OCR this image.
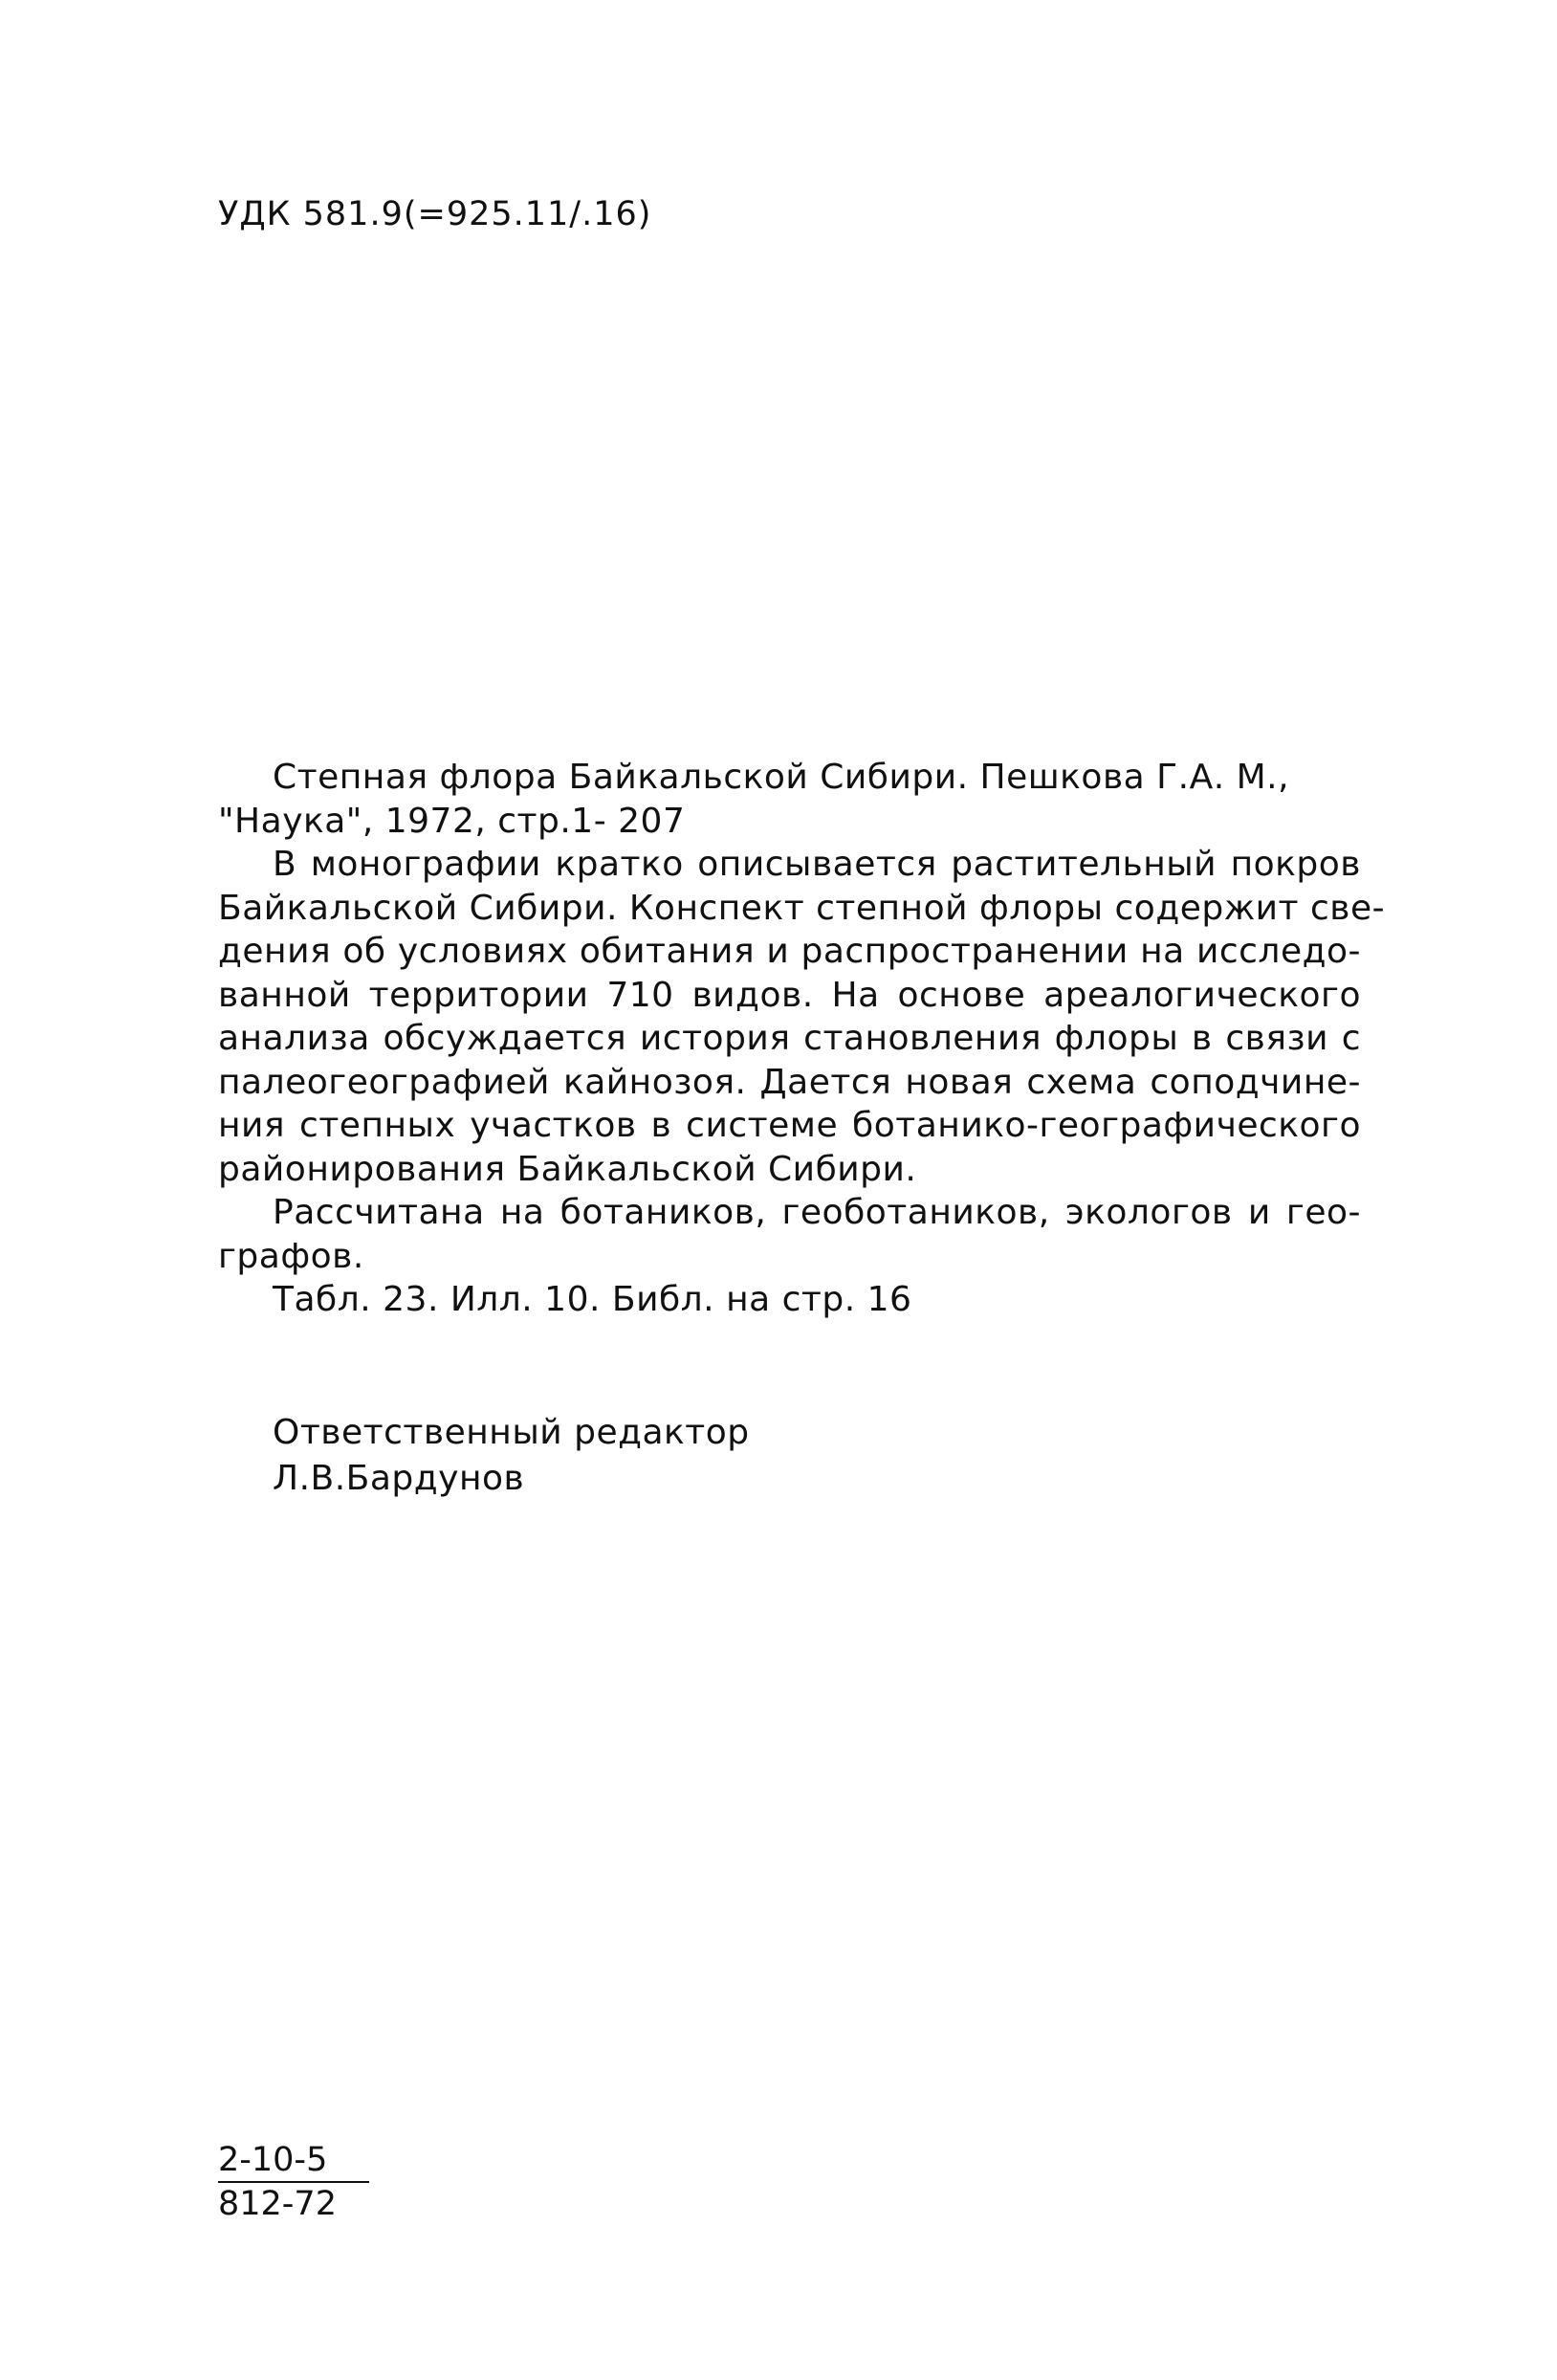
УДК 581.9(=925.11/.16)
Степная флора Байкальской Сибири. Пешкова Г.А. М.,
"Наука", 1972, стр.1- 207
В монографии кратко описывается растительный покров
Байкальской Сибири. Конспект степной флоры содержит све-
дения об условиях обитания и распространении на исследо-
ванной территории 710 видов. На основе ареалогического
анализа обсуждается история становления флоры в связи с
палеогеографией кайнозоя. Дается новая схема соподчине-
ния степных участков в системе ботанико-географического
районирования Байкальской Сибири.
Рассчитана на ботаников, геоботаников, экологов и гео-
графов.
Табл. 23. Илл. 10. Библ. на стр. 16
Ответственный редактор
Л.В.Бардунов
2-10-5
812-72
